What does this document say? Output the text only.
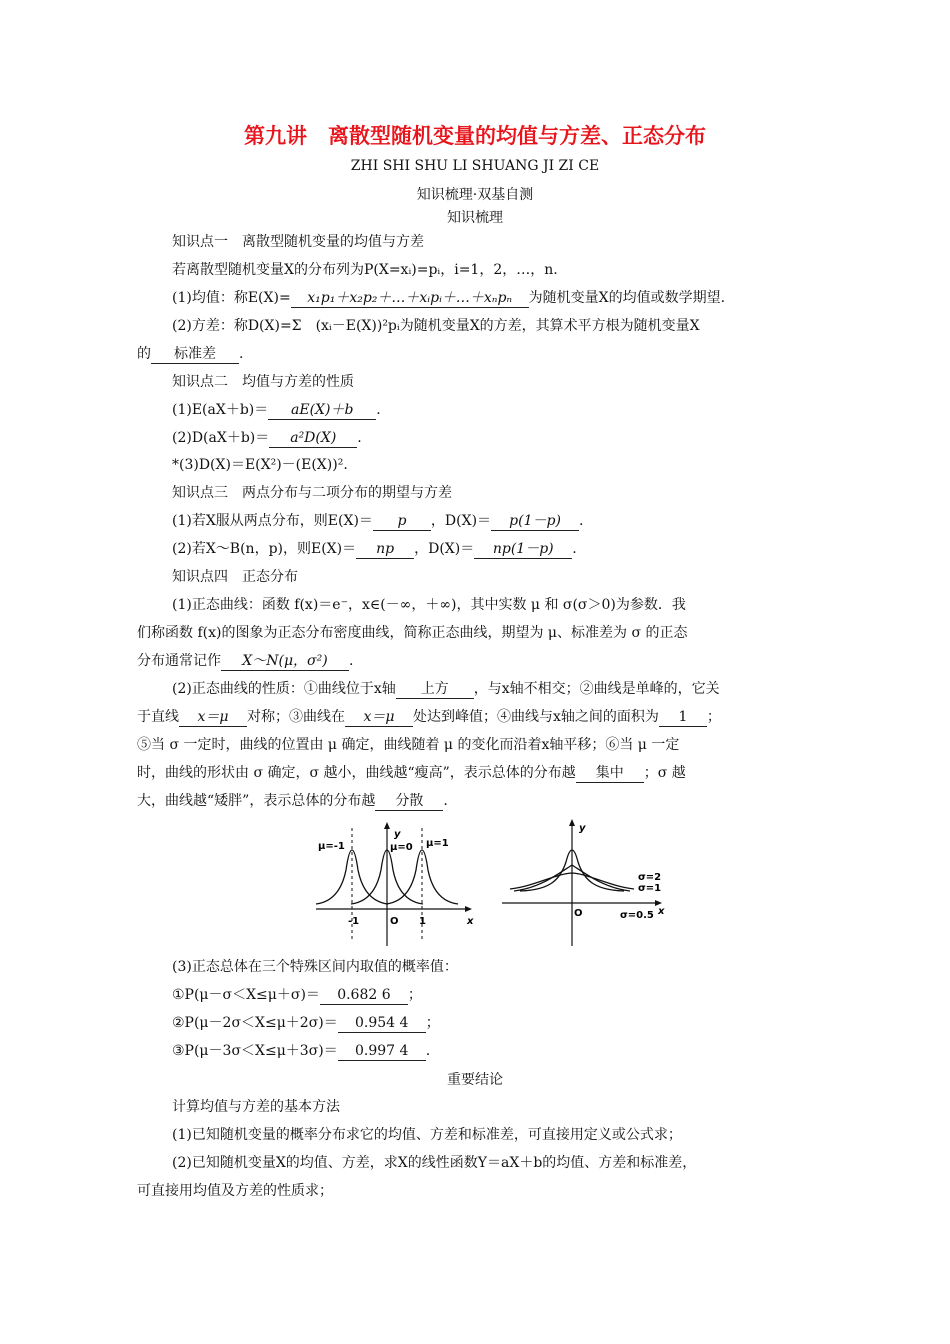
第九讲　离散型随机变量的均值与方差、正态分布
ZHI SHI SHU LI SHUANG JI ZI CE
知识梳理·双基自测
知识梳理
知识点一　离散型随机变量的均值与方差
若离散型随机变量X的分布列为P(X=xᵢ)=pᵢ，i=1，2，…，n.
(1)均值：称E(X)= x₁p₁＋x₂p₂＋…＋xᵢpᵢ＋…＋xₙpₙ 为随机变量X的均值或数学期望.
(2)方差：称D(X)=Σ　(xᵢ－E(X))²pᵢ为随机变量X的方差，其算术平方根为随机变量X
的 标准差 .
知识点二　均值与方差的性质
(1)E(aX＋b)＝ aE(X)＋b .
(2)D(aX＋b)＝ a²D(X) .
*(3)D(X)＝E(X²)－(E(X))².
知识点三　两点分布与二项分布的期望与方差
(1)若X服从两点分布，则E(X)＝ p ，D(X)＝ p(1－p) .
(2)若X～B(n，p)，则E(X)＝ np ，D(X)＝ np(1－p) .
知识点四　正态分布
(1)正态曲线：函数 f(x)＝e⁻，x∈(－∞，＋∞)，其中实数 μ 和 σ(σ＞0)为参数．我
们称函数 f(x)的图象为正态分布密度曲线，简称正态曲线，期望为 μ、标准差为 σ 的正态
分布通常记作 X～N(μ，σ²) .
(2)正态曲线的性质：①曲线位于x轴 上方 ，与x轴不相交；②曲线是单峰的，它关
于直线 x＝μ 对称；③曲线在 x＝μ 处达到峰值；④曲线与x轴之间的面积为 1 ；
⑤当 σ 一定时，曲线的位置由 μ 确定，曲线随着 μ 的变化而沿着x轴平移；⑥当 μ 一定
时，曲线的形状由 σ 确定，σ 越小，曲线越“瘦高”，表示总体的分布越 集中 ；σ 越
大，曲线越“矮胖”，表示总体的分布越 分散 .
μ=-1	μ=0 μ=1
-1	O 1	x
y
σ=2
σ=1
σ=0.5
O	x
y
(3)正态总体在三个特殊区间内取值的概率值：
①P(μ－σ＜X≤μ＋σ)＝ 0.682 6 ；
②P(μ－2σ＜X≤μ＋2σ)＝ 0.954 4 ；
③P(μ－3σ＜X≤μ＋3σ)＝ 0.997 4 .
重要结论
计算均值与方差的基本方法
(1)已知随机变量的概率分布求它的均值、方差和标准差，可直接用定义或公式求；
(2)已知随机变量X的均值、方差，求X的线性函数Y＝aX＋b的均值、方差和标准差，
可直接用均值及方差的性质求；
